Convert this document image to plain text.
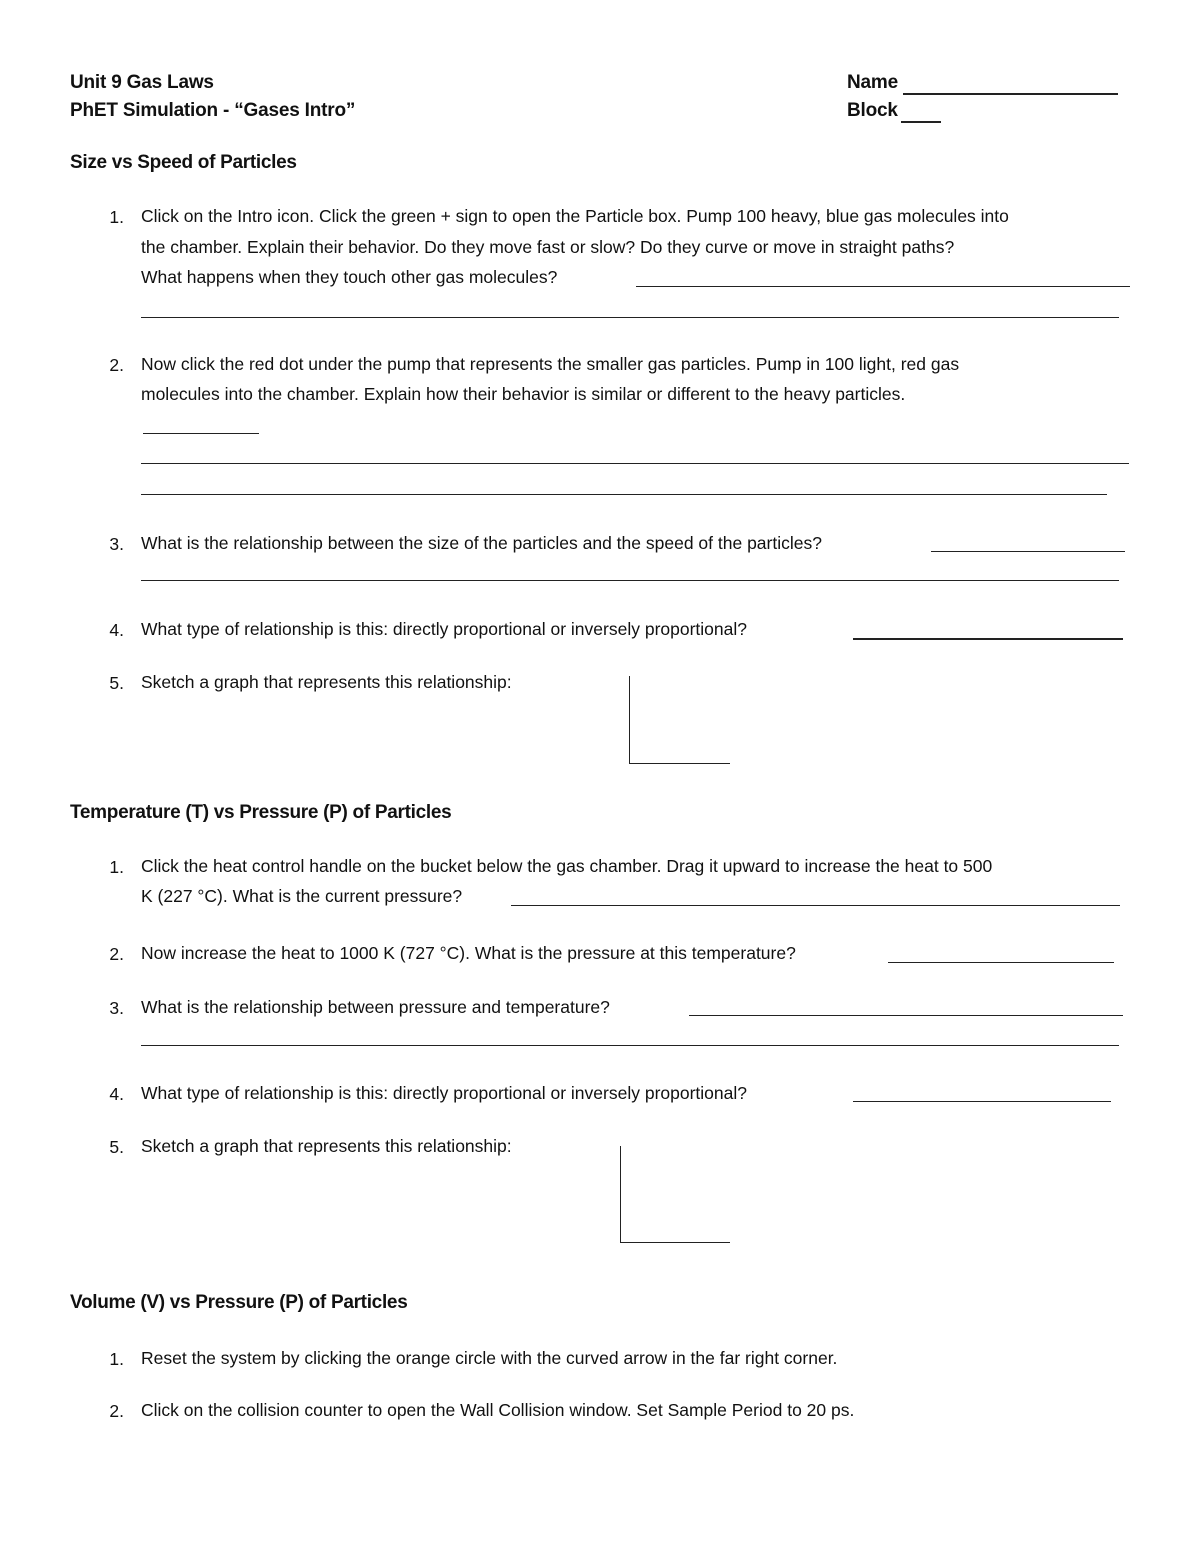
Unit 9 Gas Laws
PhET Simulation - “Gases Intro”
Name
Block
Size vs Speed of Particles
1. Click on the Intro icon. Click the green + sign to open the Particle box. Pump 100 heavy, blue gas molecules into
the chamber. Explain their behavior. Do they move fast or slow? Do they curve or move in straight paths?
What happens when they touch other gas molecules?
2. Now click the red dot under the pump that represents the smaller gas particles. Pump in 100 light, red gas
molecules into the chamber. Explain how their behavior is similar or different to the heavy particles.
3. What is the relationship between the size of the particles and the speed of the particles?
4. What type of relationship is this: directly proportional or inversely proportional?
5. Sketch a graph that represents this relationship:
Temperature (T) vs Pressure (P) of Particles
1. Click the heat control handle on the bucket below the gas chamber. Drag it upward to increase the heat to 500
K (227 °C). What is the current pressure?
2. Now increase the heat to 1000 K (727 °C). What is the pressure at this temperature?
3. What is the relationship between pressure and temperature?
4. What type of relationship is this: directly proportional or inversely proportional?
5. Sketch a graph that represents this relationship:
Volume (V) vs Pressure (P) of Particles
1. Reset the system by clicking the orange circle with the curved arrow in the far right corner.
2. Click on the collision counter to open the Wall Collision window. Set Sample Period to 20 ps.
